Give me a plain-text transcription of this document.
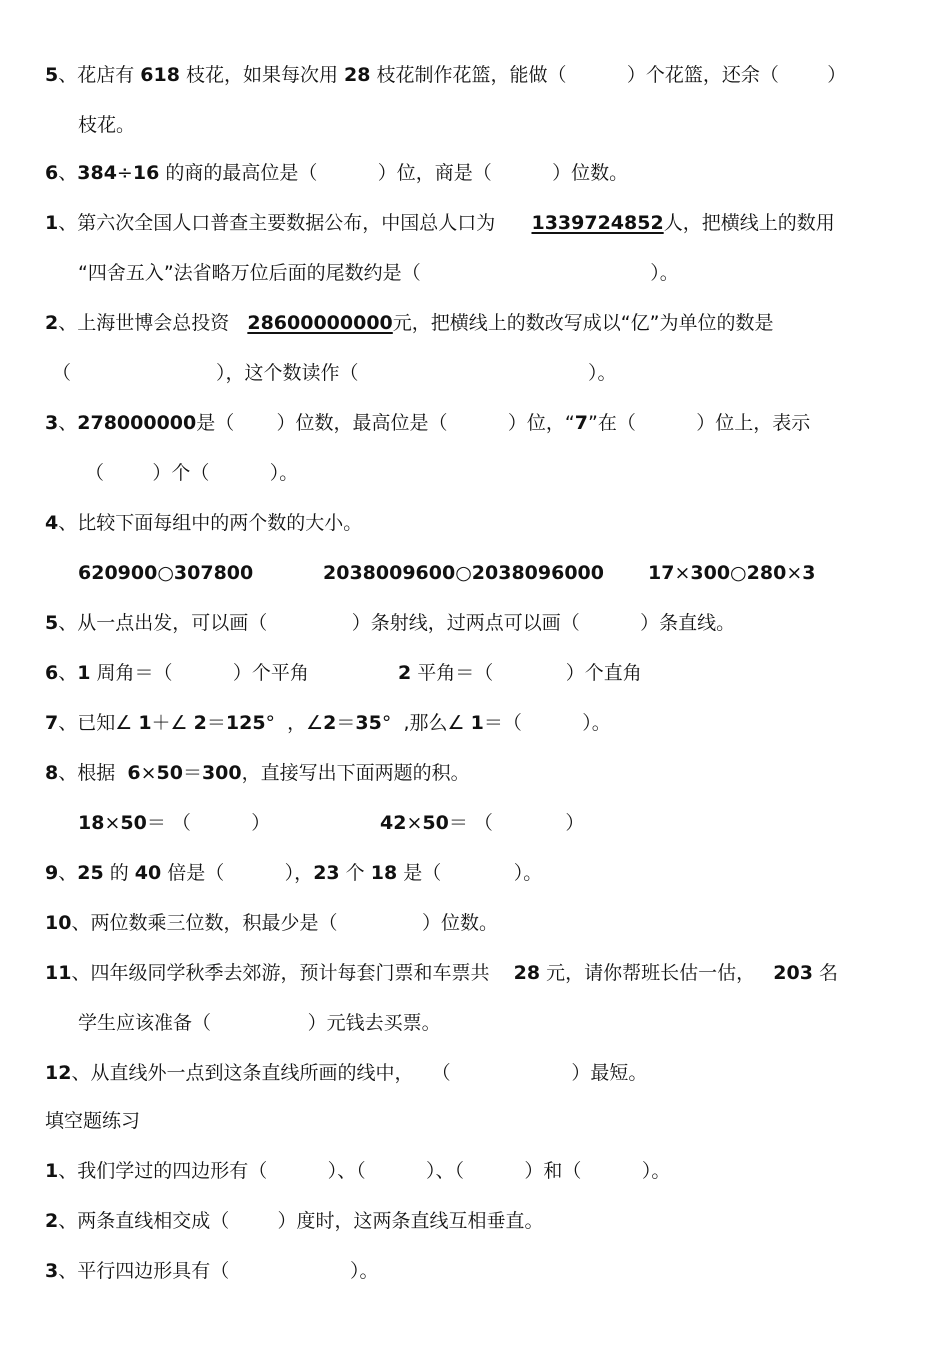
5、花店有 618 枝花，如果每次用 28 枝花制作花篮，能做（          ）个花篮，还余（        ）
枝花。
6、384÷16 的商的最高位是（          ）位，商是（          ）位数。
1、第六次全国人口普查主要数据公布，中国总人口为      1339724852人，把横线上的数用
“四舍五入”法省略万位后面的尾数约是（                                      ）。
2、上海世博会总投资   28600000000元，把横线上的数改写成以“亿”为单位的数是
（                        ），这个数读作（                                      ）。
3、278000000是（       ）位数，最高位是（          ）位，“7”在（          ）位上，表示
（        ）个（          ）。
4、比较下面每组中的两个数的大小。
620900○307800	2038009600○2038096000 17×300○280×3
5、从一点出发，可以画（              ）条射线，过两点可以画（          ）条直线。
6、1 周角＝（          ）个平角	2 平角＝（            ）个直角
7、已知∠ 1＋∠ 2＝125°  ，∠2＝35°  ,那么∠ 1＝（          ）。
8、根据  6×50＝300，直接写出下面两题的积。
18×50＝ （          ）	42×50＝ （            ）
9、25 的 40 倍是（          ），23 个 18 是（            ）。
10、两位数乘三位数，积最少是（              ）位数。
11、四年级同学秋季去郊游，预计每套门票和车票共    28 元，请你帮班长估一估，   203 名
学生应该准备（                ）元钱去买票。
12、从直线外一点到这条直线所画的线中，   （                    ）最短。
填空题练习
1、我们学过的四边形有（          ）、（          ）、（          ）和（          ）。
2、两条直线相交成（        ）度时，这两条直线互相垂直。
3、平行四边形具有（                    ）。
